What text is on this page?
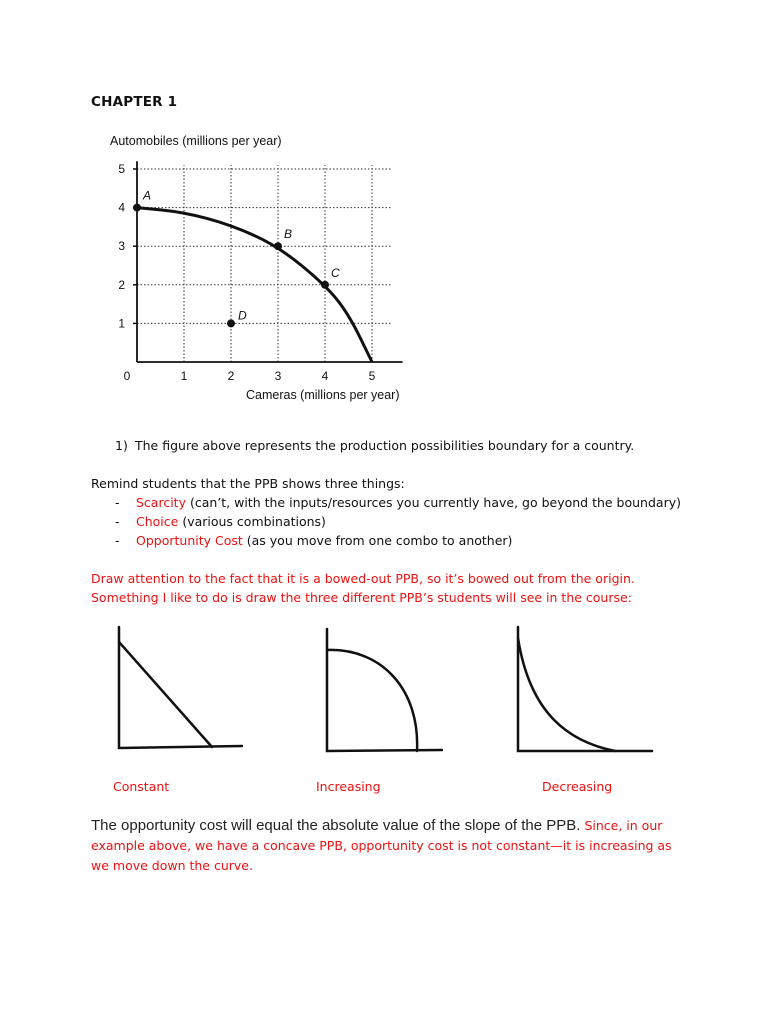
CHAPTER 1
Automobiles (millions per year)
1
2
3
4
5
0	1	2	3	4	5
A
B
C
D
Cameras (millions per year)
1) The figure above represents the production possibilities boundary for a country.
Remind students that the PPB shows three things:
-	Scarcity (can’t, with the inputs/resources you currently have, go beyond the boundary)
-	Choice (various combinations)
-	Opportunity Cost (as you move from one combo to another)
Draw attention to the fact that it is a bowed-out PPB, so it’s bowed out from the origin.
Something I like to do is draw the three different PPB’s students will see in the course:
Constant	Increasing	Decreasing
The opportunity cost will equal the absolute value of the slope of the PPB. Since, in our example above, we have a concave PPB, opportunity cost is not constant—it is increasing as we move down the curve.
